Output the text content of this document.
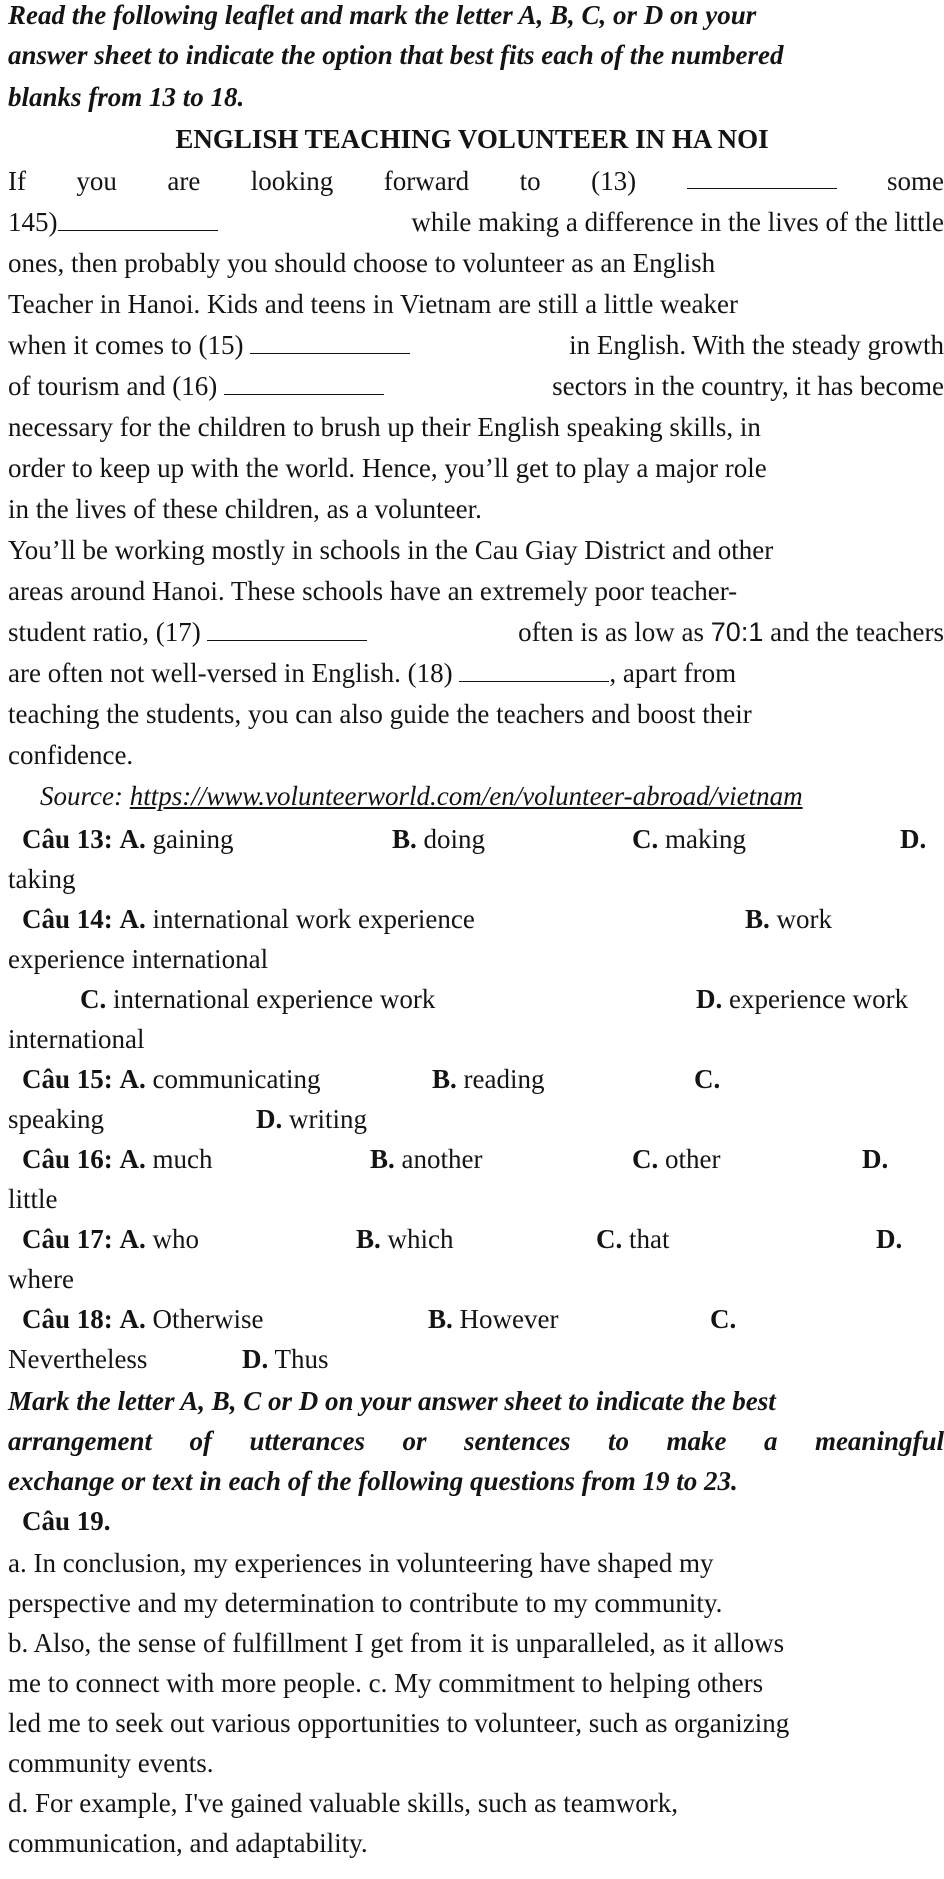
Read the following leaflet and mark the letter A, B, C, or D on your
answer sheet to indicate the option that best fits each of the numbered
blanks from 13 to 18.
ENGLISH TEACHING VOLUNTEER IN HA NOI
If you are looking forward to (13)	some
145)	while making a difference in the lives of the little
ones, then probably you should choose to volunteer as an English
Teacher in Hanoi. Kids and teens in Vietnam are still a little weaker
when it comes to (15)	in English. With the steady growth
of tourism and (16)	sectors in the country, it has become
necessary for the children to brush up their English speaking skills, in
order to keep up with the world. Hence, you’ll get to play a major role
in the lives of these children, as a volunteer.
You’ll be working mostly in schools in the Cau Giay District and other
areas around Hanoi. These schools have an extremely poor teacher-
student ratio, (17)	often is as low as 70:1 and the teachers
are often not well-versed in English. (18)	, apart from
teaching the students, you can also guide the teachers and boost their
confidence.
Source: https://www.volunteerworld.com/en/volunteer-abroad/vietnam
Câu 13: A. gaining	B. doing	C. making	D.
taking
Câu 14: A. international work experience	B. work
experience international
C. international experience work	D. experience work
international
Câu 15: A. communicating	B. reading	C.
speaking	D. writing
Câu 16: A. much	B. another	C. other	D.
little
Câu 17: A. who	B. which	C. that	D.
where
Câu 18: A. Otherwise	B. However	C.
Nevertheless	D. Thus
Mark the letter A, B, C or D on your answer sheet to indicate the best
arrangement of utterances or sentences to make a meaningful
exchange or text in each of the following questions from 19 to 23.
Câu 19.
a. In conclusion, my experiences in volunteering have shaped my
perspective and my determination to contribute to my community.
b. Also, the sense of fulfillment I get from it is unparalleled, as it allows
me to connect with more people. c. My commitment to helping others
led me to seek out various opportunities to volunteer, such as organizing
community events.
d. For example, I've gained valuable skills, such as teamwork,
communication, and adaptability.
